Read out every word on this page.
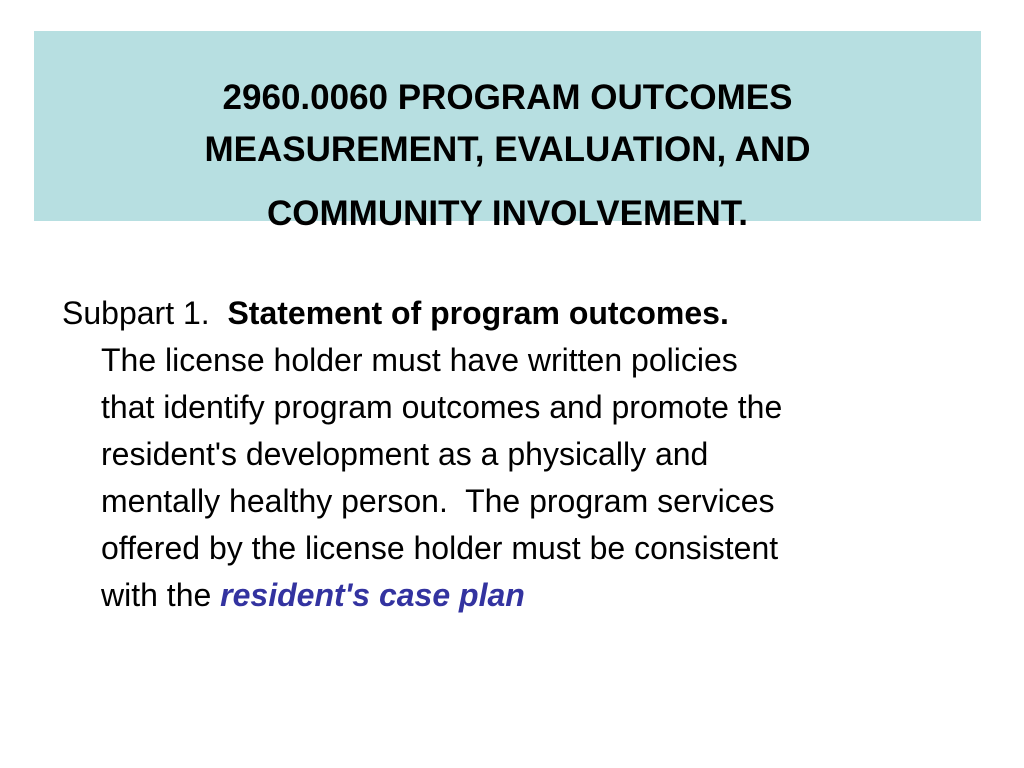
2960.0060 PROGRAM OUTCOMES
MEASUREMENT, EVALUATION, AND
COMMUNITY INVOLVEMENT.
Subpart 1. Statement of program outcomes.
The license holder must have written policies
that identify program outcomes and promote the
resident's development as a physically and
mentally healthy person.  The program services
offered by the license holder must be consistent
with the resident's case plan
